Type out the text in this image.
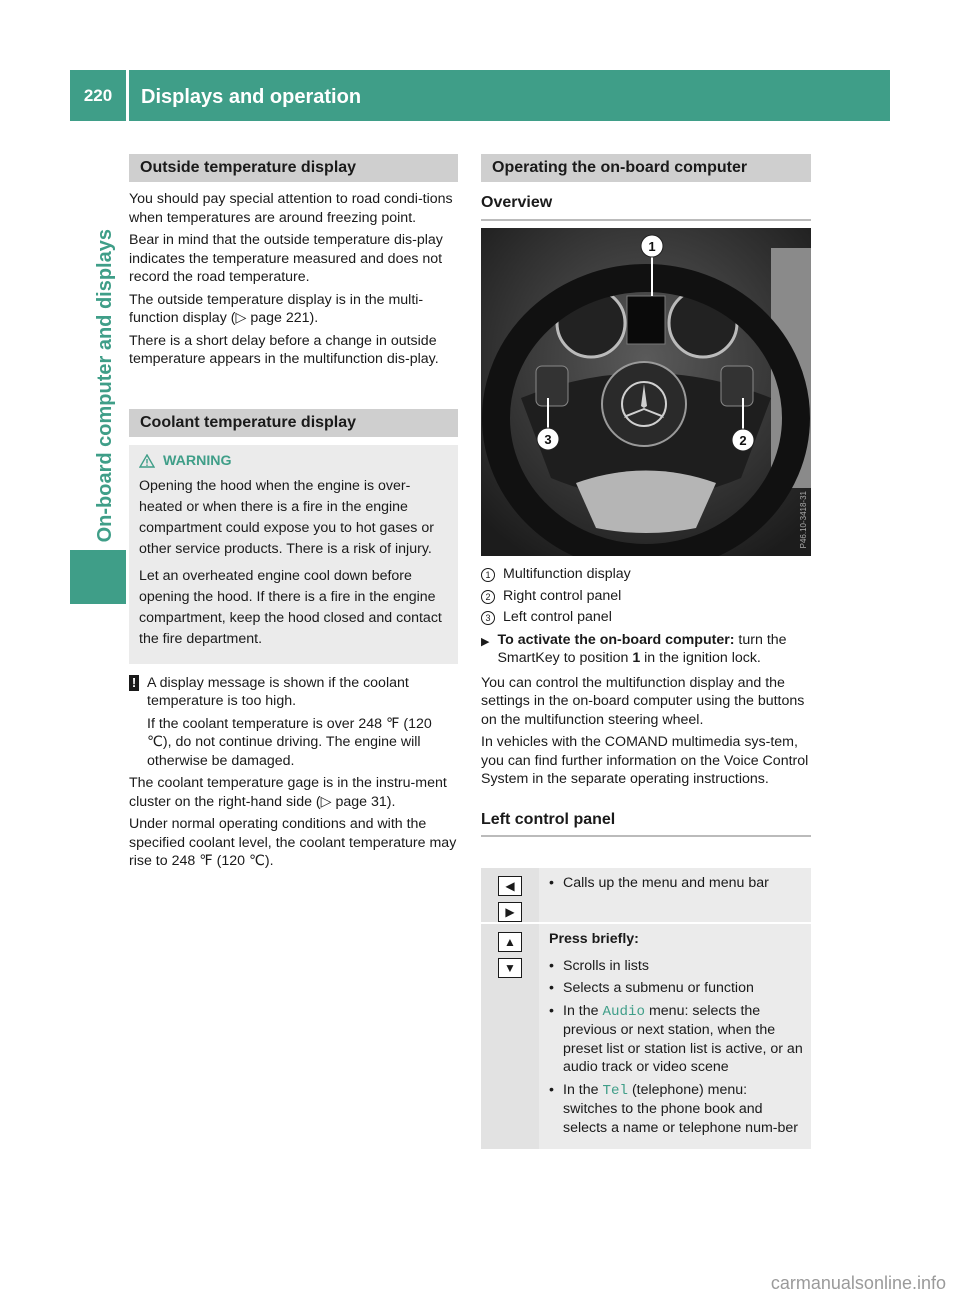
220	Displays and operation
On-board computer and displays
Outside temperature display

You should pay special attention to road condi-tions when temperatures are around freezing point.

Bear in mind that the outside temperature dis-play indicates the temperature measured and does not record the road temperature.

The outside temperature display is in the multi-function display (▷ page 221).

There is a short delay before a change in outside temperature appears in the multifunction dis-play.

Coolant temperature display
WARNING

Opening the hood when the engine is over-heated or when there is a fire in the engine compartment could expose you to hot gases or other service products. There is a risk of injury.

Let an overheated engine cool down before opening the hood. If there is a fire in the engine compartment, keep the hood closed and contact the fire department.

! A display message is shown if the coolant temperature is too high.

If the coolant temperature is over 248 ℉ (120 ℃), do not continue driving. The engine will otherwise be damaged.

The coolant temperature gage is in the instru-ment cluster on the right-hand side (▷ page 31).

Under normal operating conditions and with the specified coolant level, the coolant temperature may rise to 248 ℉ (120 ℃).

Operating the on-board computer
Overview
1
2
3
P46.10-3418-31
1 Multifunction display
2 Right control panel
3 Left control panel
▶ To activate the on-board computer: turn the SmartKey to position 1 in the ignition lock.

You can control the multifunction display and the settings in the on-board computer using the buttons on the multifunction steering wheel.

In vehicles with the COMAND multimedia sys-tem, you can find further information on the Voice Control System in the separate operating instructions.

Left control panel
◀
▶
• Calls up the menu and menu bar
▲
▼
Press briefly:
• Scrolls in lists
• Selects a submenu or function
• In the Audio menu: selects the previous or next station, when the preset list or station list is active, or an audio track or video scene
• In the Tel (telephone) menu: switches to the phone book and selects a name or telephone num-ber
carmanualsonline.info
